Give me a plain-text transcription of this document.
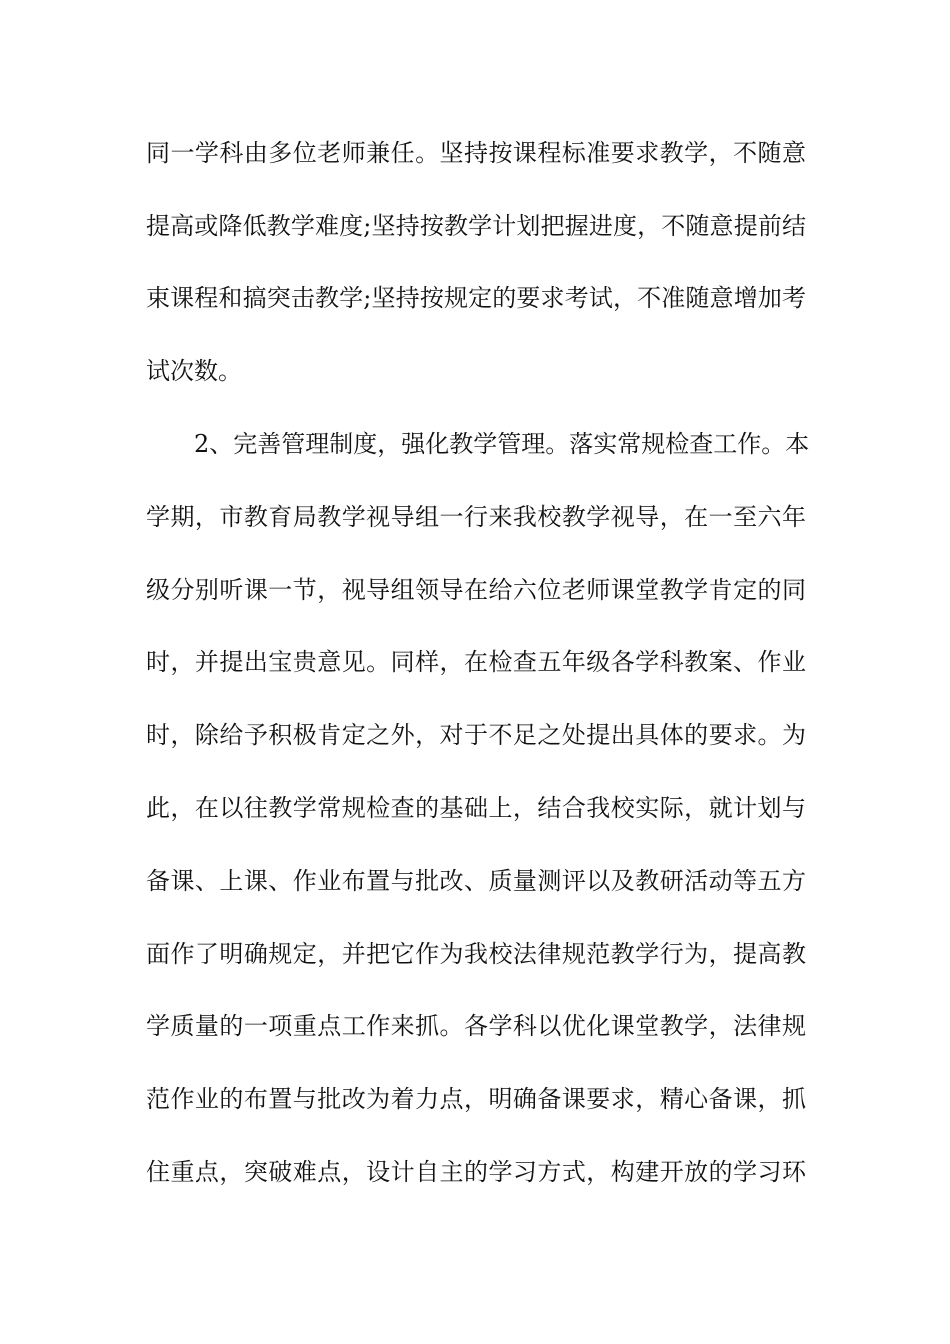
同一学科由多位老师兼任。坚持按课程标准要求教学，不随意
提高或降低教学难度;坚持按教学计划把握进度，不随意提前结
束课程和搞突击教学;坚持按规定的要求考试，不准随意增加考
试次数。
　　2、完善管理制度，强化教学管理。落实常规检查工作。本
学期，市教育局教学视导组一行来我校教学视导，在一至六年
级分别听课一节，视导组领导在给六位老师课堂教学肯定的同
时，并提出宝贵意见。同样，在检查五年级各学科教案、作业
时，除给予积极肯定之外，对于不足之处提出具体的要求。为
此，在以往教学常规检查的基础上，结合我校实际，就计划与
备课、上课、作业布置与批改、质量测评以及教研活动等五方
面作了明确规定，并把它作为我校法律规范教学行为，提高教
学质量的一项重点工作来抓。各学科以优化课堂教学，法律规
范作业的布置与批改为着力点，明确备课要求，精心备课，抓
住重点，突破难点，设计自主的学习方式，构建开放的学习环
